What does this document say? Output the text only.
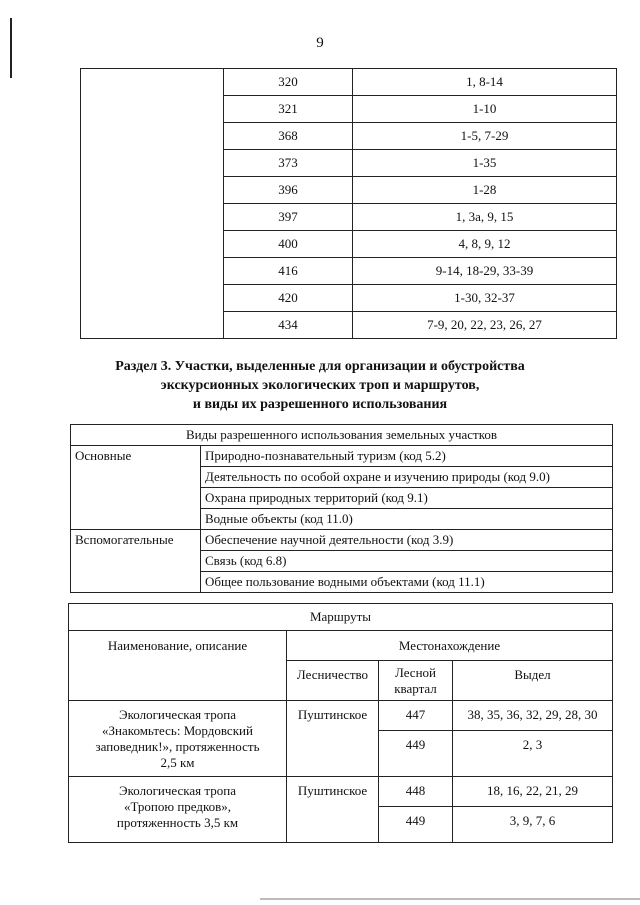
9
	320	1, 8-14
	321	1-10
	368	1-5, 7-29
	373	1-35
	396	1-28
	397	1, 3а, 9, 15
	400	4, 8, 9, 12
	416	9-14, 18-29, 33-39
	420	1-30, 32-37
	434	7-9, 20, 22, 23, 26, 27
Раздел 3. Участки, выделенные для организации и обустройства
экскурсионных экологических троп и маршрутов,
и виды их разрешенного использования
Виды разрешенного использования земельных участков	
Основные	Природно-познавательный туризм (код 5.2)
	Деятельность по особой охране и изучению природы (код 9.0)
	Охрана природных территорий (код 9.1)
	Водные объекты (код 11.0)
Вспомогательные	Обеспечение научной деятельности (код 3.9)
	Связь (код 6.8)
	Общее пользование водными объектами (код 11.1)
Маршруты			
Наименование, описание	Местонахождение		
	Лесничество	Лесной квартал	Выдел
Экологическая тропа «Знакомьтесь: Мордовский заповедник!», протяженность 2,5 км	Пуштинское	447	38, 35, 36, 32, 29, 28, 30
		449	2, 3
Экологическая тропа «Тропою предков», протяженность 3,5 км	Пуштинское	448	18, 16, 22, 21, 29
		449	3, 9, 7, 6
